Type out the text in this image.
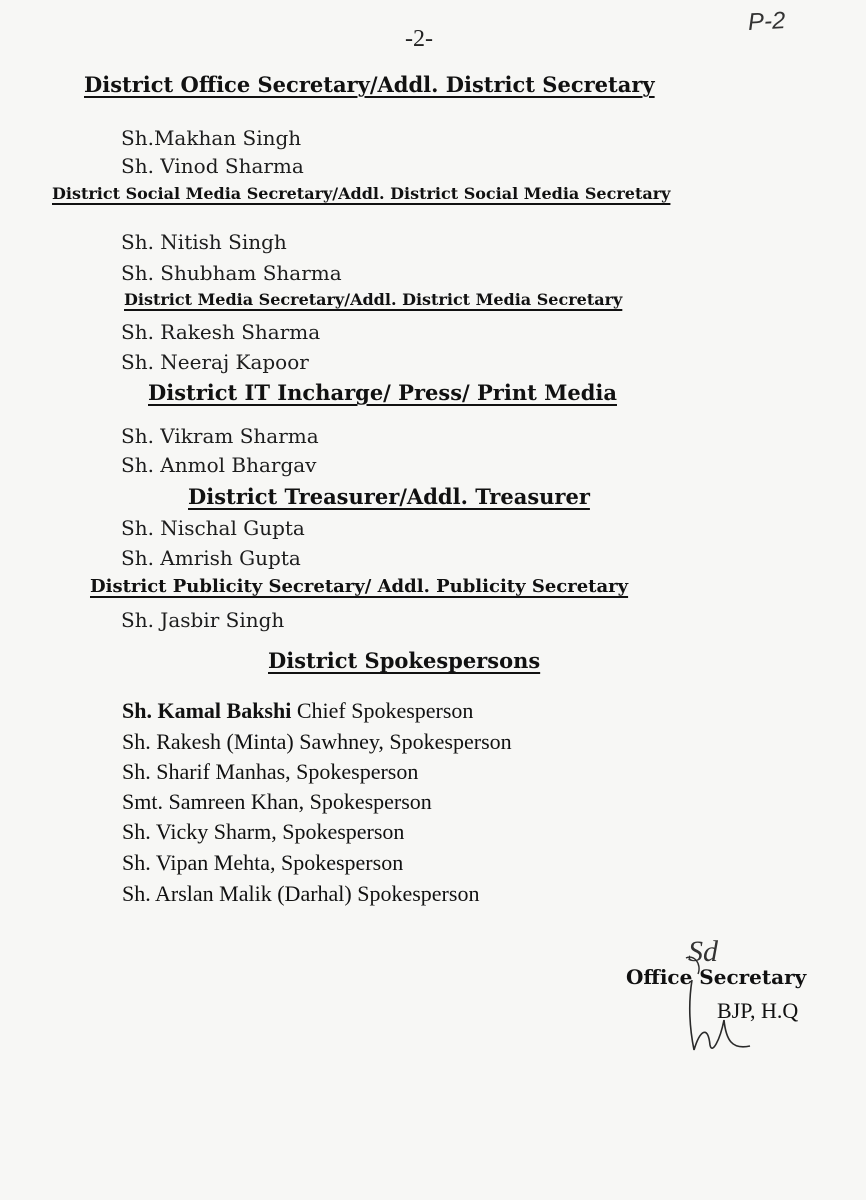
-2-
P-2
District Office Secretary/Addl. District Secretary
Sh.Makhan Singh
Sh. Vinod Sharma
District Social Media Secretary/Addl. District Social Media Secretary
Sh. Nitish Singh
Sh. Shubham Sharma
District Media Secretary/Addl. District Media Secretary
Sh. Rakesh Sharma
Sh. Neeraj Kapoor
District IT Incharge/ Press/ Print Media
Sh. Vikram Sharma
Sh. Anmol Bhargav
District Treasurer/Addl. Treasurer
Sh. Nischal Gupta
Sh. Amrish Gupta
District Publicity Secretary/ Addl. Publicity Secretary
Sh. Jasbir Singh
District Spokespersons
Sh. Kamal Bakshi Chief Spokesperson
Sh. Rakesh (Minta) Sawhney, Spokesperson
Sh. Sharif Manhas, Spokesperson
Smt. Samreen Khan, Spokesperson
Sh. Vicky Sharm, Spokesperson
Sh. Vipan Mehta, Spokesperson
Sh. Arslan Malik (Darhal) Spokesperson
Sd
Office Secretary
BJP, H.Q
